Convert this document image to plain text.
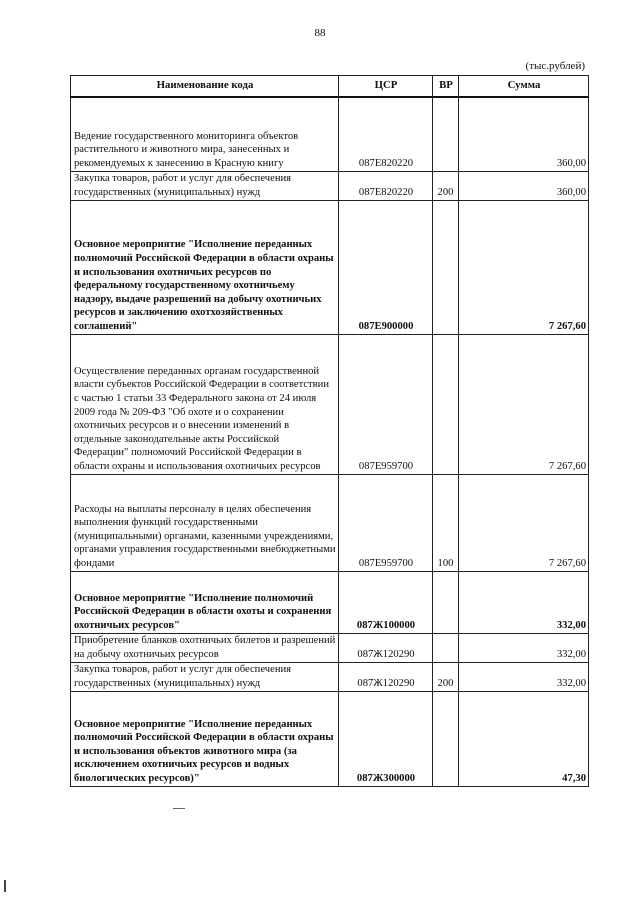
88
(тыс.рублей)
Наименование кода	ЦСР	ВР	Сумма
Ведение государственного мониторинга объектов растительного и животного мира, занесенных и рекомендуемых к занесению в Красную книгу	087E820220		360,00
Закупка товаров, работ и услуг для обеспечения государственных (муниципальных) нужд	087E820220	200	360,00
Основное мероприятие "Исполнение переданных полномочий Российской Федерации в области охраны и использования охотничьих ресурсов по федеральному государственному охотничьему надзору, выдаче разрешений на добычу охотничьих ресурсов и заключению охотхозяйственных соглашений"	087E900000		7 267,60
Осуществление переданных органам государственной власти субъектов Российской Федерации в соответствии с частью 1 статьи 33 Федерального закона от 24 июля 2009 года № 209-ФЗ "Об охоте и о сохранении охотничьих ресурсов и о внесении изменений в отдельные законодательные акты Российской Федерации" полномочий Российской Федерации в области охраны и использования охотничьих ресурсов	087E959700		7 267,60
Расходы на выплаты персоналу в целях обеспечения выполнения функций государственными (муниципальными) органами, казенными учреждениями, органами управления государственными внебюджетными фондами	087E959700	100	7 267,60
Основное мероприятие "Исполнение полномочий Российской Федерации в области охоты и сохранения охотничьих ресурсов"	087Ж100000		332,00
Приобретение бланков охотничьих билетов и разрешений на добычу охотничьих ресурсов	087Ж120290		332,00
Закупка товаров, работ и услуг для обеспечения государственных (муниципальных) нужд	087Ж120290	200	332,00
Основное мероприятие "Исполнение переданных полномочий Российской Федерации в области охраны и использования объектов животного мира (за исключением охотничьих ресурсов и водных биологических ресурсов)"	087Ж300000		47,30
